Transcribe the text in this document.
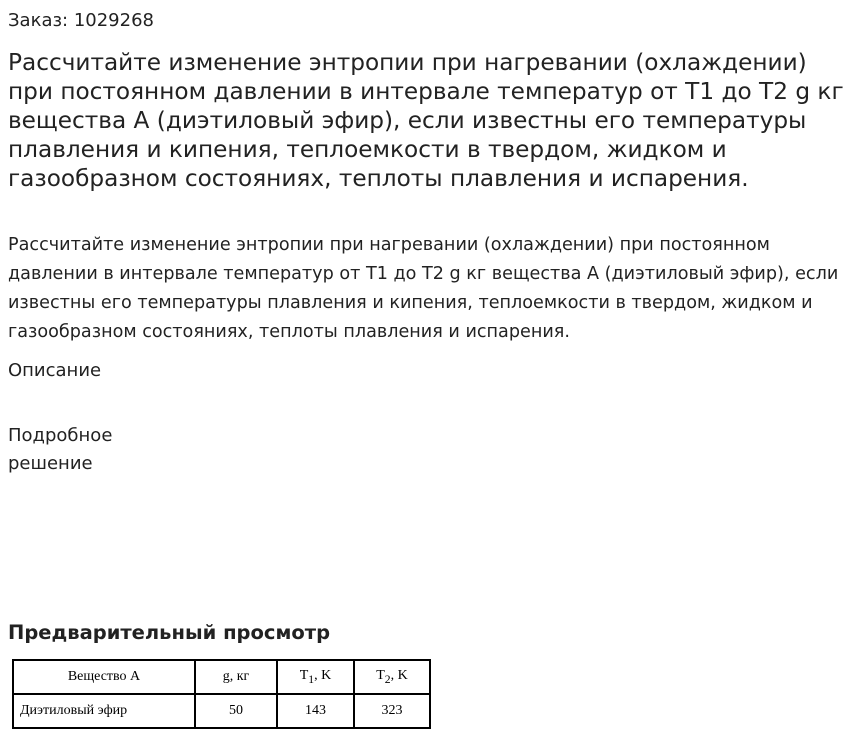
Заказ: 1029268
Рассчитайте изменение энтропии при нагревании (охлаждении) при постоянном давлении в интервале температур от T1 до T2 g кг вещества А (диэтиловый эфир), если известны его температуры плавления и кипения, теплоемкости в твердом, жидком и газообразном состояниях, теплоты плавления и испарения.

Рассчитайте изменение энтропии при нагревании (охлаждении) при постоянном давлении в интервале температур от T1 до T2 g кг вещества А (диэтиловый эфир), если известны его температуры плавления и кипения, теплоемкости в твердом, жидком и газообразном состояниях, теплоты плавления и испарения.

Описание
Подробное решение
Предварительный просмотр
Вещество А	g, кг	$T_1$, K	$T_2$, K
Диэтиловый эфир	50	143	323
